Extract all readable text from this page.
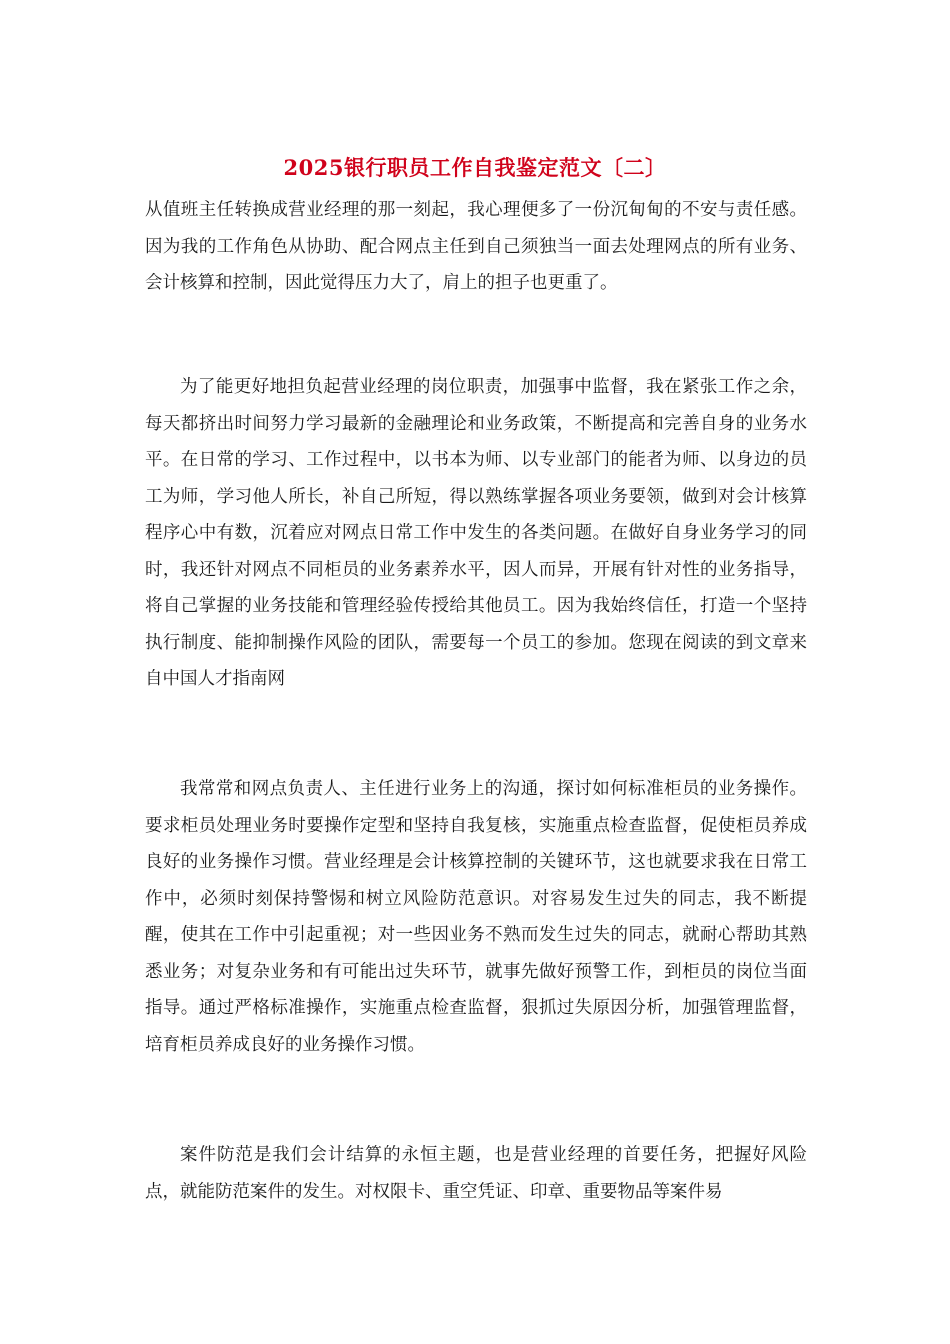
2025银行职员工作自我鉴定范文〔二〕

从值班主任转换成营业经理的那一刻起，我心理便多了一份沉甸甸的不安与责任感。因为我的工作角色从协助、配合网点主任到自己须独当一面去处理网点的所有业务、会计核算和控制，因此觉得压力大了，肩上的担子也更重了。

为了能更好地担负起营业经理的岗位职责，加强事中监督，我在紧张工作之余，每天都挤出时间努力学习最新的金融理论和业务政策，不断提高和完善自身的业务水平。在日常的学习、工作过程中，以书本为师、以专业部门的能者为师、以身边的员工为师，学习他人所长，补自己所短，得以熟练掌握各项业务要领，做到对会计核算程序心中有数，沉着应对网点日常工作中发生的各类问题。在做好自身业务学习的同时，我还针对网点不同柜员的业务素养水平，因人而异，开展有针对性的业务指导，将自己掌握的业务技能和管理经验传授给其他员工。因为我始终信任，打造一个坚持执行制度、能抑制操作风险的团队，需要每一个员工的参加。您现在阅读的到文章来自中国人才指南网

我常常和网点负责人、主任进行业务上的沟通，探讨如何标准柜员的业务操作。要求柜员处理业务时要操作定型和坚持自我复核，实施重点检查监督，促使柜员养成良好的业务操作习惯。营业经理是会计核算控制的关键环节，这也就要求我在日常工作中，必须时刻保持警惕和树立风险防范意识。对容易发生过失的同志，我不断提醒，使其在工作中引起重视；对一些因业务不熟而发生过失的同志，就耐心帮助其熟悉业务；对复杂业务和有可能出过失环节，就事先做好预警工作，到柜员的岗位当面指导。通过严格标准操作，实施重点检查监督，狠抓过失原因分析，加强管理监督，培育柜员养成良好的业务操作习惯。

案件防范是我们会计结算的永恒主题，也是营业经理的首要任务，把握好风险点，就能防范案件的发生。对权限卡、重空凭证、印章、重要物品等案件易
